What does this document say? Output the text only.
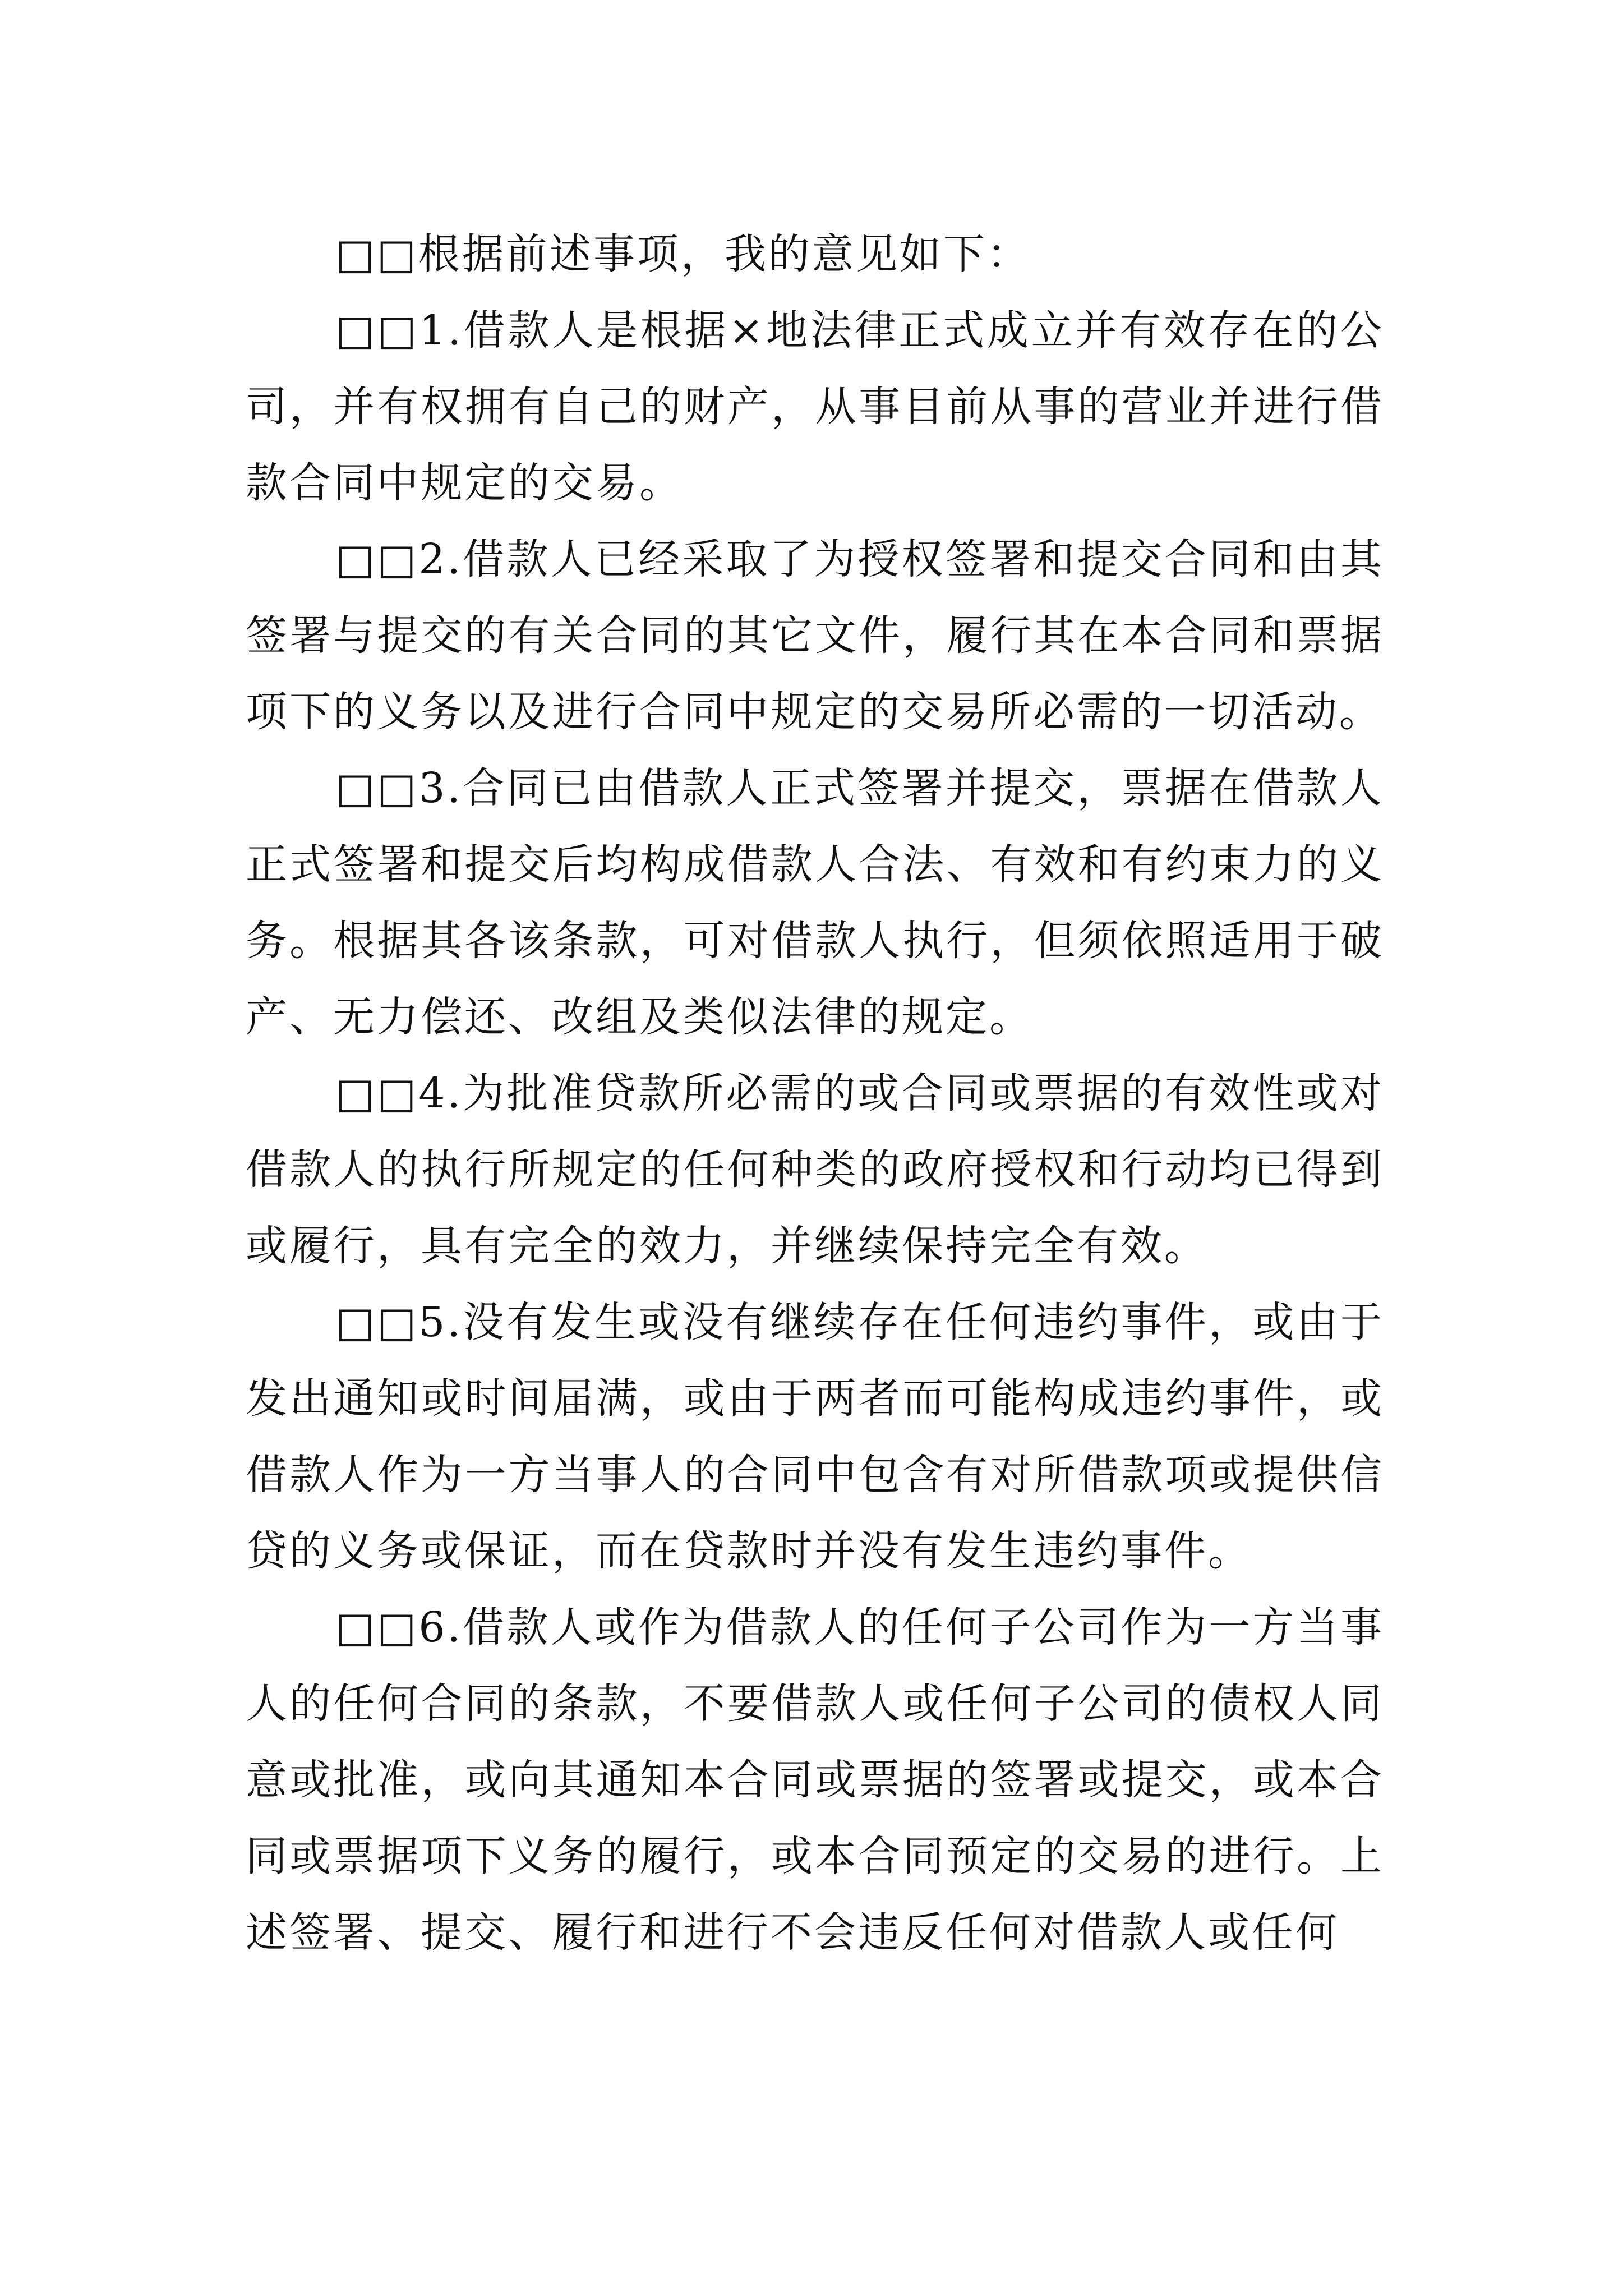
□□根据前述事项，我的意见如下：

□□1.借款人是根据×地法律正式成立并有效存在的公司，并有权拥有自己的财产，从事目前从事的营业并进行借款合同中规定的交易。

□□2.借款人已经采取了为授权签署和提交合同和由其签署与提交的有关合同的其它文件，履行其在本合同和票据项下的义务以及进行合同中规定的交易所必需的一切活动。

□□3.合同已由借款人正式签署并提交，票据在借款人正式签署和提交后均构成借款人合法、有效和有约束力的义务。根据其各该条款，可对借款人执行，但须依照适用于破产、无力偿还、改组及类似法律的规定。

□□4.为批准贷款所必需的或合同或票据的有效性或对借款人的执行所规定的任何种类的政府授权和行动均已得到或履行，具有完全的效力，并继续保持完全有效。

□□5.没有发生或没有继续存在任何违约事件，或由于发出通知或时间届满，或由于两者而可能构成违约事件，或借款人作为一方当事人的合同中包含有对所借款项或提供信贷的义务或保证，而在贷款时并没有发生违约事件。

□□6.借款人或作为借款人的任何子公司作为一方当事人的任何合同的条款，不要借款人或任何子公司的债权人同意或批准，或向其通知本合同或票据的签署或提交，或本合同或票据项下义务的履行，或本合同预定的交易的进行。上述签署、提交、履行和进行不会违反任何对借款人或任何
